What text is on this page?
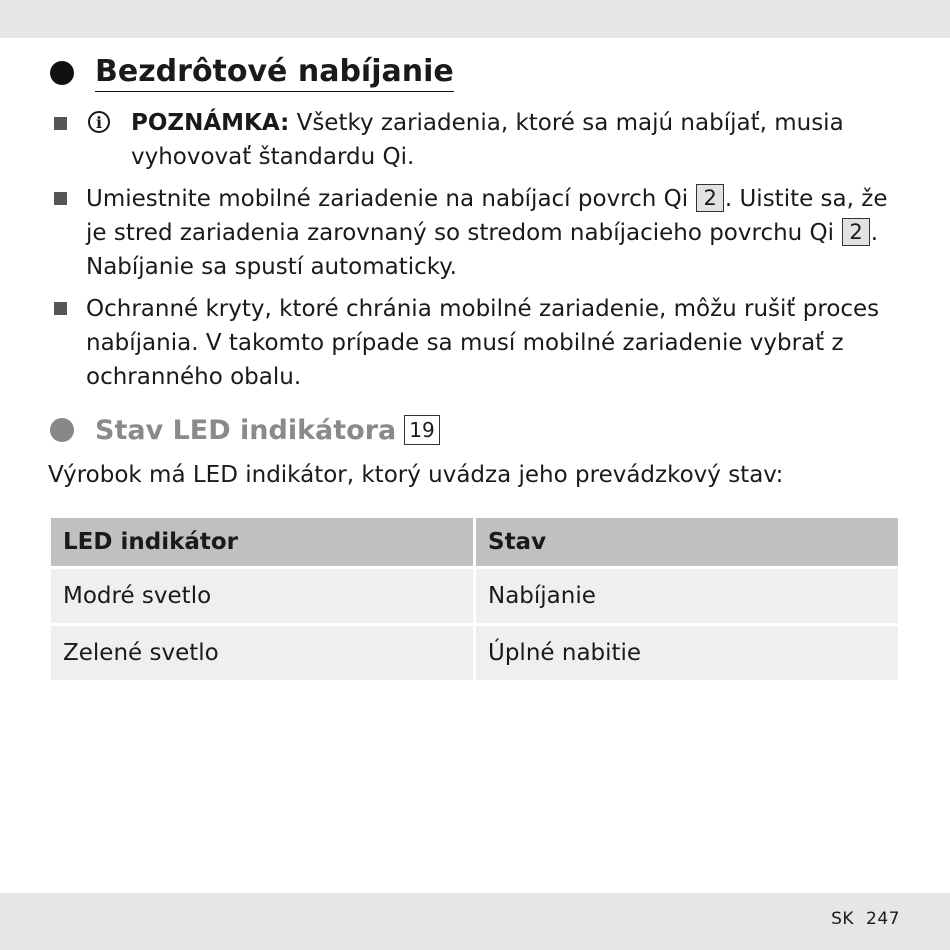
Bezdrôtové nabíjanie
i	POZNÁMKA: Všetky zariadenia, ktoré sa majú nabíjať, musia
vyhovovať štandardu Qi.
Umiestnite mobilné zariadenie na nabíjací povrch Qi 2 . Uistite sa, že
je stred zariadenia zarovnaný so stredom nabíjacieho povrchu Qi 2 .
Nabíjanie sa spustí automaticky.
Ochranné kryty, ktoré chránia mobilné zariadenie, môžu rušiť proces
nabíjania. V takomto prípade sa musí mobilné zariadenie vybrať z
ochranného obalu.
Stav LED indikátora 19
Výrobok má LED indikátor, ktorý uvádza jeho prevádzkový stav:
LED indikátor	Stav
Modré svetlo	Nabíjanie
Zelené svetlo	Úplné nabitie
SK 247
